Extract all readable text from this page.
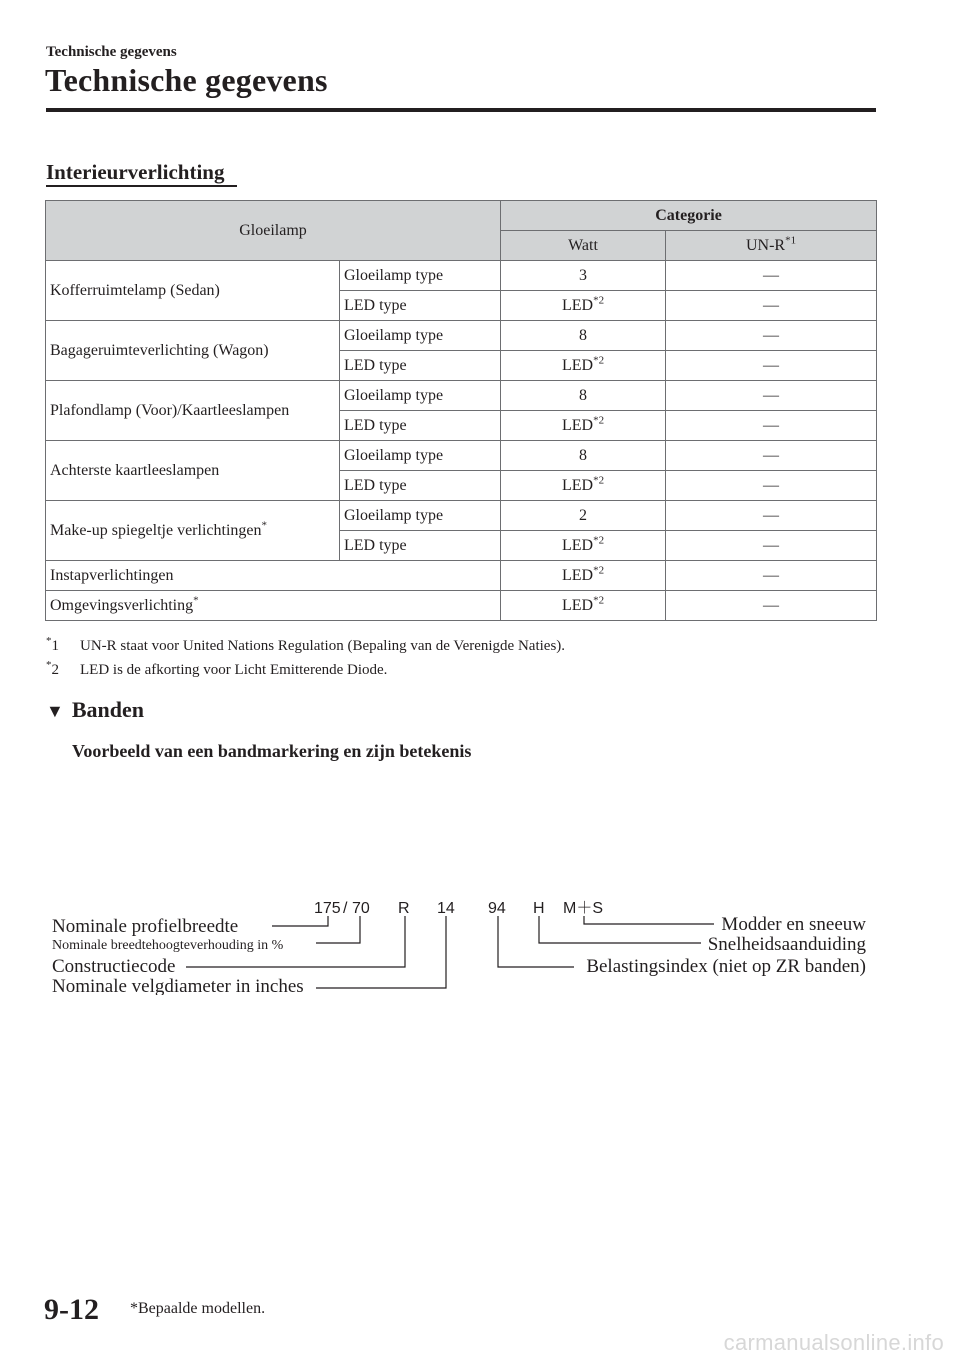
Technische gegevens
Technische gegevens
Interieurverlichting
Gloeilamp		Categorie	
		Watt	$UN-R^{*1}$
Kofferruimtelamp (Sedan)	Gloeilamp type	3	—
	LED type	LED$^{*2}$	—
Bagageruimteverlichting (Wagon)	Gloeilamp type	8	—
	LED type	LED$^{*2}$	—
Plafondlamp (Voor)/Kaartleeslampen	Gloeilamp type	8	—
	LED type	LED$^{*2}$	—
Achterste kaartleeslampen	Gloeilamp type	8	—
	LED type	LED$^{*2}$	—
Make-up spiegeltje verlichtingen*	Gloeilamp type	2	—
	LED type	LED$^{*2}$	—
Instapverlichtingen		LED$^{*2}$	—
Omgevingsverlichting*		LED$^{*2}$	—
*1 UN-R staat voor United Nations Regulation (Bepaling van de Verenigde Naties).
*2 LED is de afkorting voor Licht Emitterende Diode.
▼ Banden
Voorbeeld van een bandmarkering en zijn betekenis
175 / 70 R 14 94 H M＋S
Nominale profielbreedte
Nominale breedtehoogteverhouding in %
Constructiecode
Nominale velgdiameter in inches
Modder en sneeuw
Snelheidsaanduiding
Belastingsindex (niet op ZR banden)
9-12 *Bepaalde modellen.
carmanualsonline.info
